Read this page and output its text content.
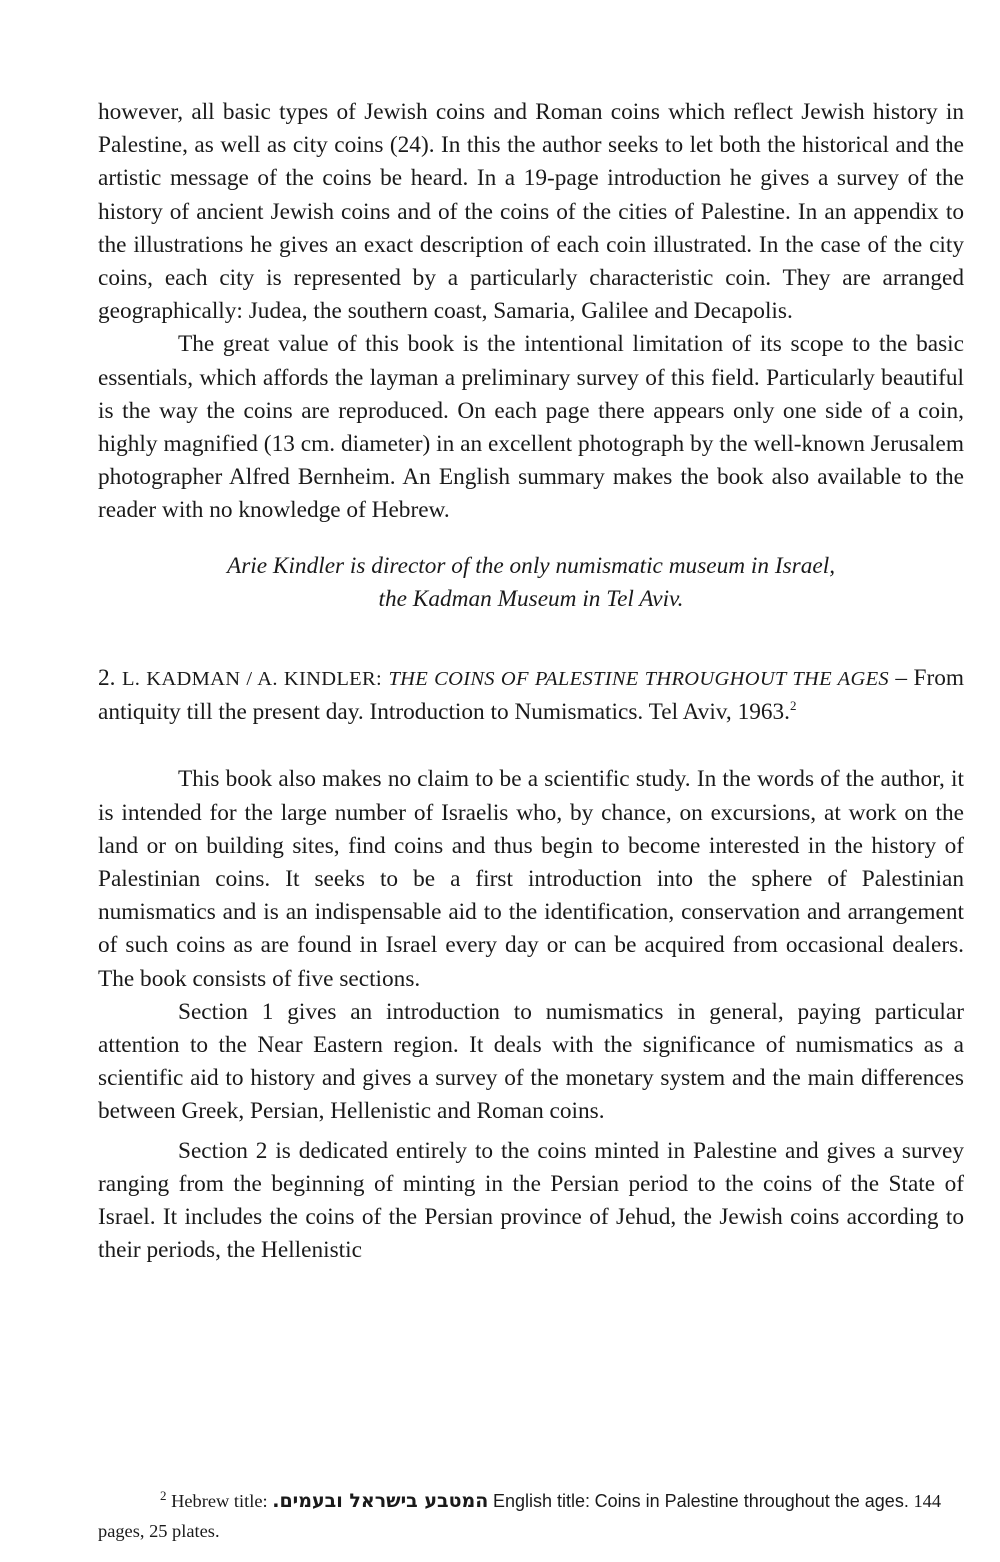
however, all basic types of Jewish coins and Roman coins which reflect Jewish history in Palestine, as well as city coins (24). In this the author seeks to let both the historical and the artistic message of the coins be heard. In a 19-page introduction he gives a survey of the history of ancient Jewish coins and of the coins of the cities of Palestine. In an appendix to the illustrations he gives an exact description of each coin illustrated. In the case of the city coins, each city is represented by a particularly characteristic coin. They are arranged geographically: Judea, the southern coast, Samaria, Galilee and Decapolis.

The great value of this book is the intentional limitation of its scope to the basic essentials, which affords the layman a preliminary survey of this field. Particularly beautiful is the way the coins are reproduced. On each page there appears only one side of a coin, highly magnified (13 cm. diameter) in an excellent photograph by the well-known Jerusalem photographer Alfred Bernheim. An English summary makes the book also available to the reader with no knowledge of Hebrew.

Arie Kindler is director of the only numismatic museum in Israel,
the Kadman Museum in Tel Aviv.

2. L. KADMAN / A. KINDLER: THE COINS OF PALESTINE THROUGHOUT THE AGES – From antiquity till the present day. Introduction to Numismatics. Tel Aviv, 1963.$^2$

This book also makes no claim to be a scientific study. In the words of the author, it is intended for the large number of Israelis who, by chance, on excursions, at work on the land or on building sites, find coins and thus begin to become interested in the history of Palestinian coins. It seeks to be a first introduction into the sphere of Palestinian numismatics and is an indispensable aid to the identification, conservation and arrangement of such coins as are found in Israel every day or can be acquired from occasional dealers. The book consists of five sections.

Section 1 gives an introduction to numismatics in general, paying particular attention to the Near Eastern region. It deals with the significance of numismatics as a scientific aid to history and gives a survey of the monetary system and the main differences between Greek, Persian, Hellenistic and Roman coins.

Section 2 is dedicated entirely to the coins minted in Palestine and gives a survey ranging from the beginning of minting in the Persian period to the coins of the State of Israel. It includes the coins of the Persian province of Jehud, the Jewish coins according to their periods, the Hellenistic

$^2$ Hebrew title: המטבע בישראל ובעמים. English title: Coins in Palestine throughout the ages. 144 pages, 25 plates.
